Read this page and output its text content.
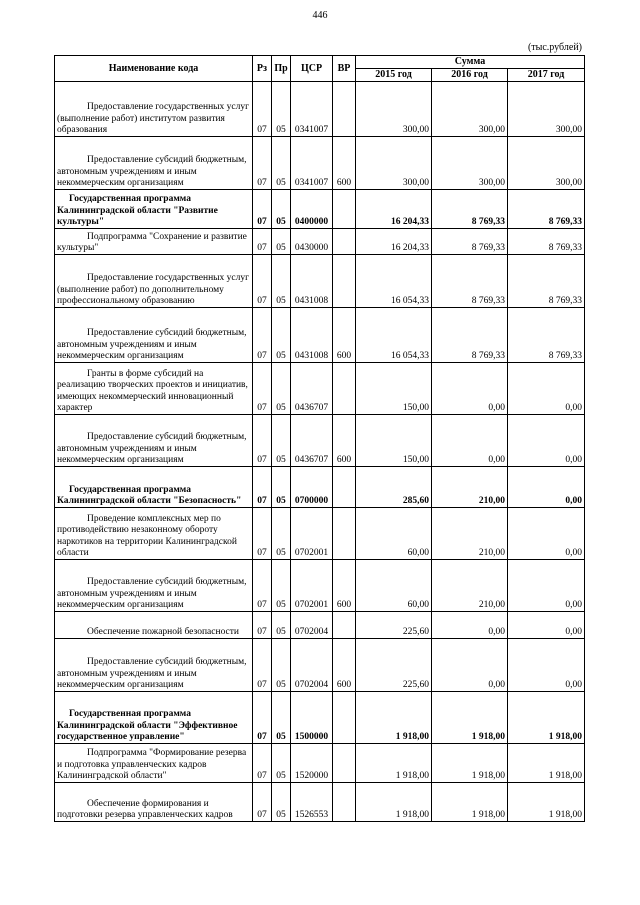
446
(тыс.рублей)
Наименование кода	Рз	Пр	ЦСР	ВР	Сумма		
					2015 год	2016 год	2017 год
Предоставление государственных услуг (выполнение работ) институтом развития образования	07	05	0341007		300,00	300,00	300,00
Предоставление субсидий бюджетным, автономным учреждениям и иным некоммерческим организациям	07	05	0341007	600	300,00	300,00	300,00
Государственная программа Калининградской области "Развитие культуры"	07	05	0400000		16 204,33	8 769,33	8 769,33
Подпрограмма "Сохранение и развитие культуры"	07	05	0430000		16 204,33	8 769,33	8 769,33
Предоставление государственных услуг (выполнение работ) по дополнительному профессиональному образованию	07	05	0431008		16 054,33	8 769,33	8 769,33
Предоставление субсидий бюджетным, автономным учреждениям и иным некоммерческим организациям	07	05	0431008	600	16 054,33	8 769,33	8 769,33
Гранты в форме субсидий на реализацию творческих проектов и инициатив, имеющих некоммерческий инновационный характер	07	05	0436707		150,00	0,00	0,00
Предоставление субсидий бюджетным, автономным учреждениям и иным некоммерческим организациям	07	05	0436707	600	150,00	0,00	0,00
Государственная программа Калининградской области "Безопасность"	07	05	0700000		285,60	210,00	0,00
Проведение комплексных мер по противодействию незаконному обороту наркотиков на территории Калининградской области	07	05	0702001		60,00	210,00	0,00
Предоставление субсидий бюджетным, автономным учреждениям и иным некоммерческим организациям	07	05	0702001	600	60,00	210,00	0,00
Обеспечение пожарной безопасности	07	05	0702004		225,60	0,00	0,00
Предоставление субсидий бюджетным, автономным учреждениям и иным некоммерческим организациям	07	05	0702004	600	225,60	0,00	0,00
Государственная программа Калининградской области "Эффективное государственное управление"	07	05	1500000		1 918,00	1 918,00	1 918,00
Подпрограмма "Формирование резерва и подготовка управленческих кадров Калининградской области"	07	05	1520000		1 918,00	1 918,00	1 918,00
Обеспечение формирования и подготовки резерва управленческих кадров	07	05	1526553		1 918,00	1 918,00	1 918,00
